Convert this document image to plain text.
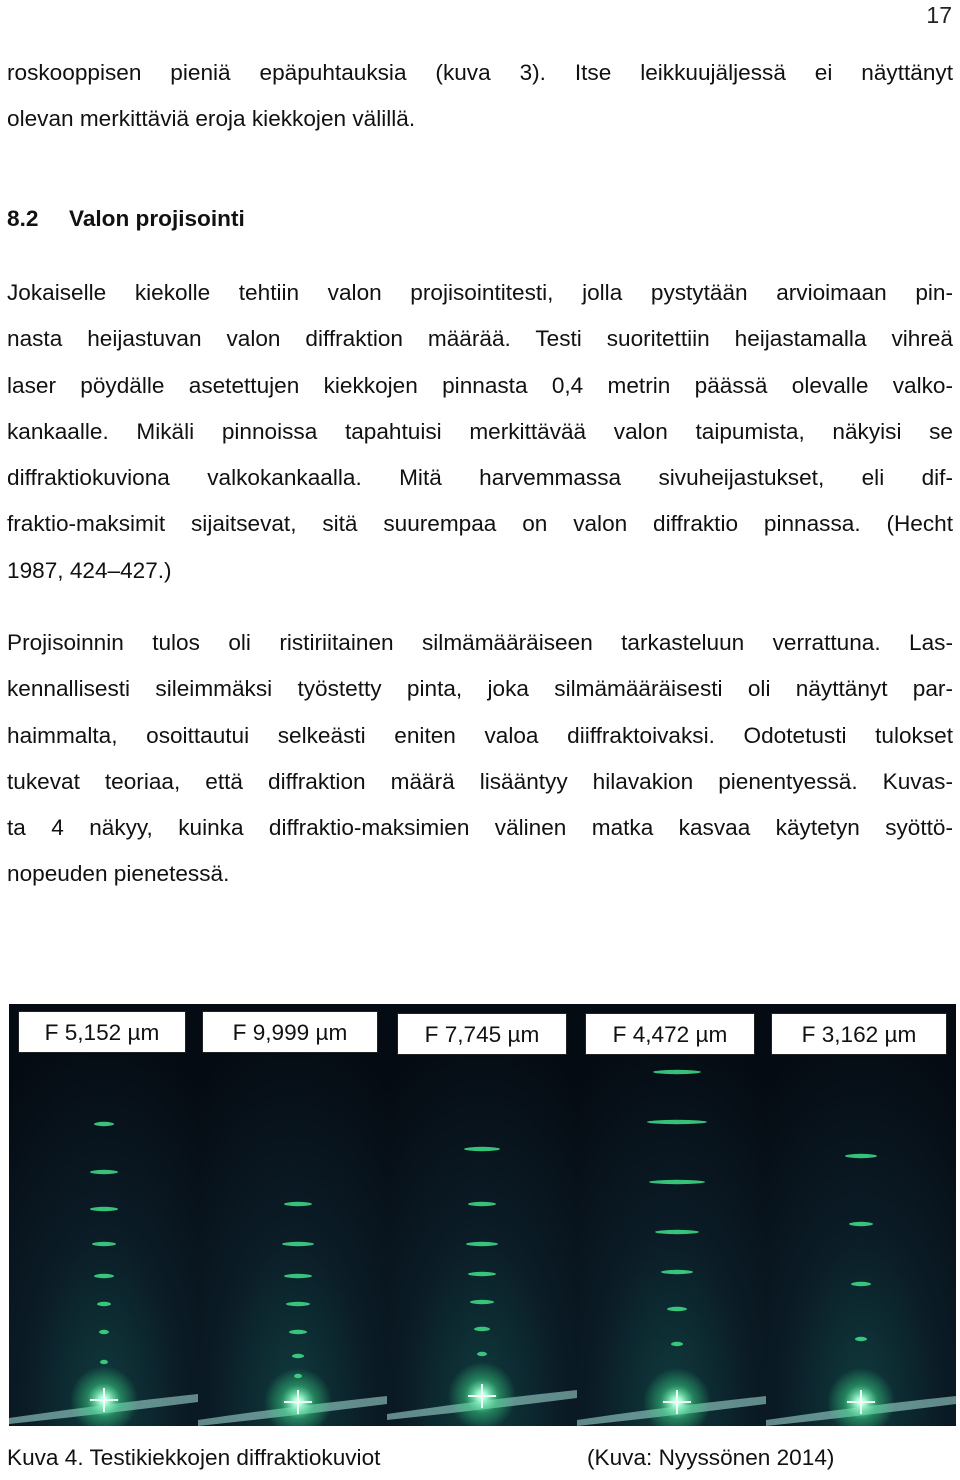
17
roskooppisen pieniä epäpuhtauksia (kuva 3). Itse leikkuujäljessä ei näyttänyt
olevan merkittäviä eroja kiekkojen välillä.
8.2 Valon projisointi
Jokaiselle kiekolle tehtiin valon projisointitesti, jolla pystytään arvioimaan pin-
nasta heijastuvan valon diffraktion määrää. Testi suoritettiin heijastamalla vihreä
laser pöydälle asetettujen kiekkojen pinnasta 0,4 metrin päässä olevalle valko-
kankaalle. Mikäli pinnoissa tapahtuisi merkittävää valon taipumista, näkyisi se
diffraktiokuviona valkokankaalla. Mitä harvemmassa sivuheijastukset, eli dif-
fraktio-maksimit sijaitsevat, sitä suurempaa on valon diffraktio pinnassa. (Hecht
1987, 424–427.)
Projisoinnin tulos oli ristiriitainen silmämääräiseen tarkasteluun verrattuna. Las-
kennallisesti sileimmäksi työstetty pinta, joka silmämääräisesti oli näyttänyt par-
haimmalta, osoittautui selkeästi eniten valoa diiffraktoivaksi. Odotetusti tulokset
tukevat teoriaa, että diffraktion määrä lisääntyy hilavakion pienentyessä. Kuvas-
ta 4 näkyy, kuinka diffraktio-maksimien välinen matka kasvaa käytetyn syöttö-
nopeuden pienetessä.
F 5,152 µm	F 9,999 µm	F 7,745 µm	F 4,472 µm	F 3,162 µm
Kuva 4. Testikiekkojen diffraktiokuviot	(Kuva: Nyyssönen 2014)
